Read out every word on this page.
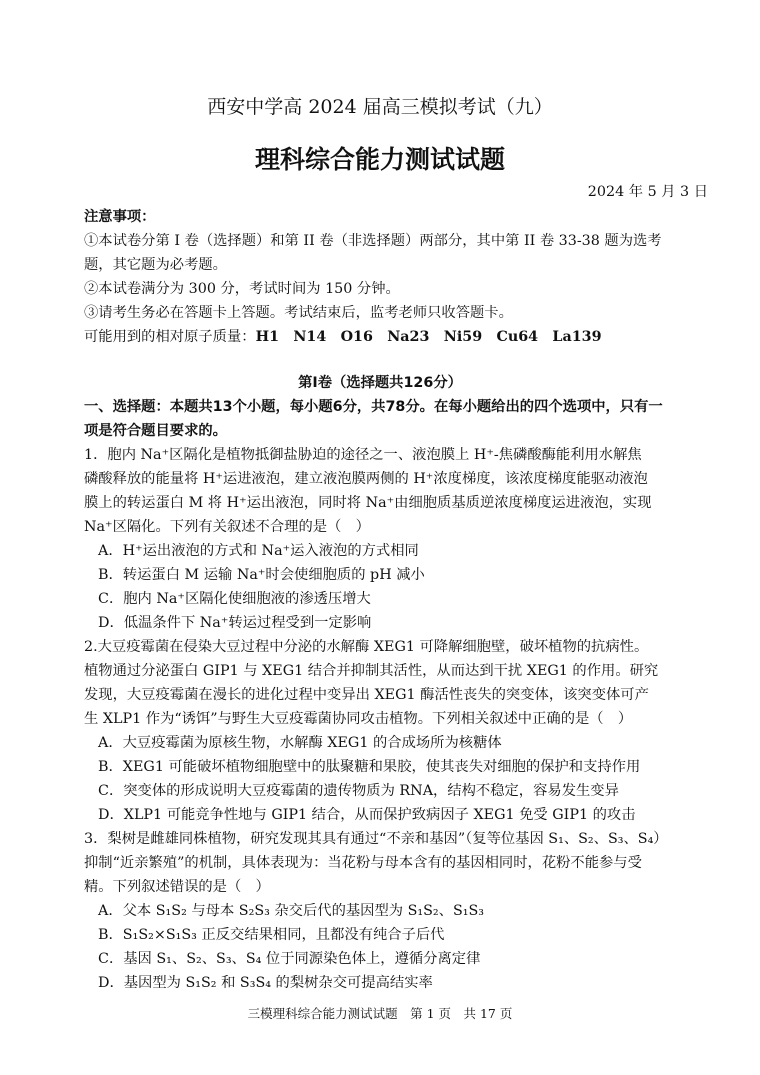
西安中学高 2024 届高三模拟考试（九）
理科综合能力测试试题
2024 年 5 月 3 日
注意事项：
①本试卷分第 I 卷（选择题）和第 II 卷（非选择题）两部分，其中第 II 卷 33-38 题为选考
题，其它题为必考题。
②本试卷满分为 300 分，考试时间为 150 分钟。
③请考生务必在答题卡上答题。考试结束后，监考老师只收答题卡。
可能用到的相对原子质量：H1　N14　O16　Na23　Ni59　Cu64　La139
第Ⅰ卷（选择题共126分）
一、选择题：本题共13个小题，每小题6分，共78分。在每小题给出的四个选项中，只有一
项是符合题目要求的。
1．胞内 Na⁺区隔化是植物抵御盐胁迫的途径之一、液泡膜上 H⁺-焦磷酸酶能利用水解焦
磷酸释放的能量将 H⁺运进液泡，建立液泡膜两侧的 H⁺浓度梯度，该浓度梯度能驱动液泡
膜上的转运蛋白 M 将 H⁺运出液泡，同时将 Na⁺由细胞质基质逆浓度梯度运进液泡，实现
Na⁺区隔化。下列有关叙述不合理的是（　）
A．H⁺运出液泡的方式和 Na⁺运入液泡的方式相同
B．转运蛋白 M 运输 Na⁺时会使细胞质的 pH 减小
C．胞内 Na⁺区隔化使细胞液的渗透压增大
D．低温条件下 Na⁺转运过程受到一定影响
2.大豆疫霉菌在侵染大豆过程中分泌的水解酶 XEG1 可降解细胞壁，破坏植物的抗病性。
植物通过分泌蛋白 GIP1 与 XEG1 结合并抑制其活性，从而达到干扰 XEG1 的作用。研究
发现，大豆疫霉菌在漫长的进化过程中变异出 XEG1 酶活性丧失的突变体，该突变体可产
生 XLP1 作为“诱饵”与野生大豆疫霉菌协同攻击植物。下列相关叙述中正确的是（　）
A．大豆疫霉菌为原核生物，水解酶 XEG1 的合成场所为核糖体
B．XEG1 可能破坏植物细胞壁中的肽聚糖和果胶，使其丧失对细胞的保护和支持作用
C．突变体的形成说明大豆疫霉菌的遗传物质为 RNA，结构不稳定，容易发生变异
D．XLP1 可能竞争性地与 GIP1 结合，从而保护致病因子 XEG1 免受 GIP1 的攻击
3．梨树是雌雄同株植物，研究发现其具有通过“不亲和基因”（复等位基因 S₁、S₂、S₃、S₄）
抑制“近亲繁殖”的机制，具体表现为：当花粉与母本含有的基因相同时，花粉不能参与受
精。下列叙述错误的是（　）
A．父本 S₁S₂ 与母本 S₂S₃ 杂交后代的基因型为 S₁S₂、S₁S₃
B．S₁S₂×S₁S₃ 正反交结果相同，且都没有纯合子后代
C．基因 S₁、S₂、S₃、S₄ 位于同源染色体上，遵循分离定律
D．基因型为 S₁S₂ 和 S₃S₄ 的梨树杂交可提高结实率
三模理科综合能力测试试题　第 1 页　共 17 页
